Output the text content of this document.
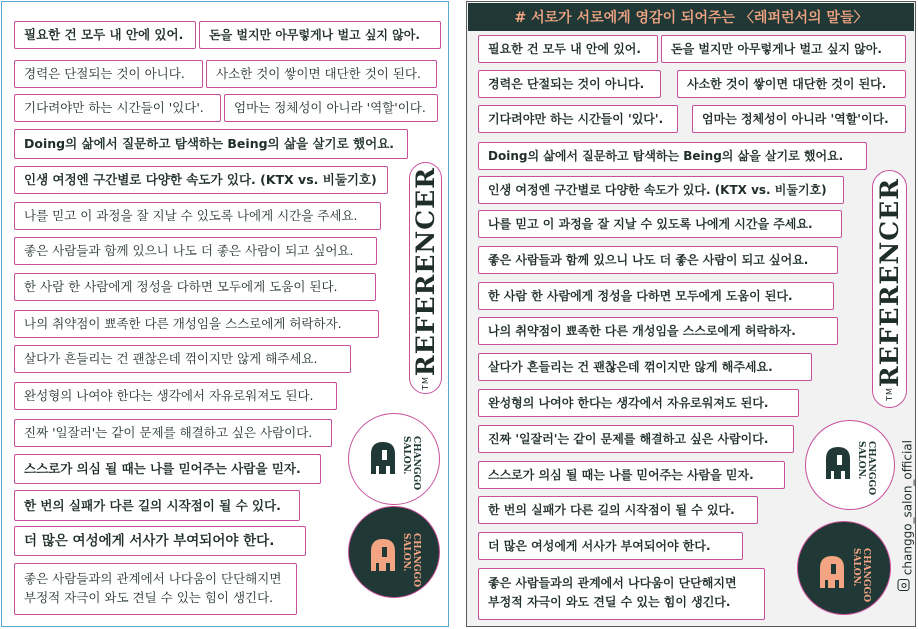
필요한 건 모두 내 안에 있어.	돈을 벌지만 아무렇게나 벌고 싶지 않아.
경력은 단절되는 것이 아니다.	사소한 것이 쌓이면 대단한 것이 된다.
기다려야만 하는 시간들이 '있다'.	엄마는 정체성이 아니라 '역할'이다.
Doing의 삶에서 질문하고 탐색하는 Being의 삶을 살기로 했어요.
인생 여정엔 구간별로 다양한 속도가 있다. (KTX vs. 비둘기호)
나를 믿고 이 과정을 잘 지날 수 있도록 나에게 시간을 주세요.
좋은 사람들과 함께 있으니 나도 더 좋은 사람이 되고 싶어요.
한 사람 한 사람에게 정성을 다하면 모두에게 도움이 된다.
나의 취약점이 뾰족한 다른 개성임을 스스로에게 허락하자.
살다가 흔들리는 건 괜찮은데 꺾이지만 않게 해주세요.
완성형의 나여야 한다는 생각에서 자유로워져도 된다.
진짜 '일잘러'는 같이 문제를 해결하고 싶은 사람이다.
스스로가 의심 될 때는 나를 믿어주는 사람을 믿자.
한 번의 실패가 다른 길의 시작점이 될 수 있다.
더 많은 여성에게 서사가 부여되어야 한다.
좋은 사람들과의 관계에서 나다움이 단단해지면
부정적 자극이 와도 견딜 수 있는 힘이 생긴다.
TMREFERENCER
CHANGGO
SALON.
CHANGGO
SALON.
# 서로가 서로에게 영감이 되어주는 〈레퍼런서의 말들〉
필요한 건 모두 내 안에 있어.	돈을 벌지만 아무렇게나 벌고 싶지 않아.
경력은 단절되는 것이 아니다.	사소한 것이 쌓이면 대단한 것이 된다.
기다려야만 하는 시간들이 '있다'.	엄마는 정체성이 아니라 '역할'이다.
Doing의 삶에서 질문하고 탐색하는 Being의 삶을 살기로 했어요.
인생 여정엔 구간별로 다양한 속도가 있다. (KTX vs. 비둘기호)
나를 믿고 이 과정을 잘 지날 수 있도록 나에게 시간을 주세요.
좋은 사람들과 함께 있으니 나도 더 좋은 사람이 되고 싶어요.
한 사람 한 사람에게 정성을 다하면 모두에게 도움이 된다.
나의 취약점이 뾰족한 다른 개성임을 스스로에게 허락하자.
살다가 흔들리는 건 괜찮은데 꺾이지만 않게 해주세요.
완성형의 나여야 한다는 생각에서 자유로워져도 된다.
진짜 '일잘러'는 같이 문제를 해결하고 싶은 사람이다.
스스로가 의심 될 때는 나를 믿어주는 사람을 믿자.
한 번의 실패가 다른 길의 시작점이 될 수 있다.
더 많은 여성에게 서사가 부여되어야 한다.
좋은 사람들과의 관계에서 나다움이 단단해지면
부정적 자극이 와도 견딜 수 있는 힘이 생긴다.
TMREFERENCER
CHANGGO
SALON.
CHANGGO
SALON.	changgo_salon_official
